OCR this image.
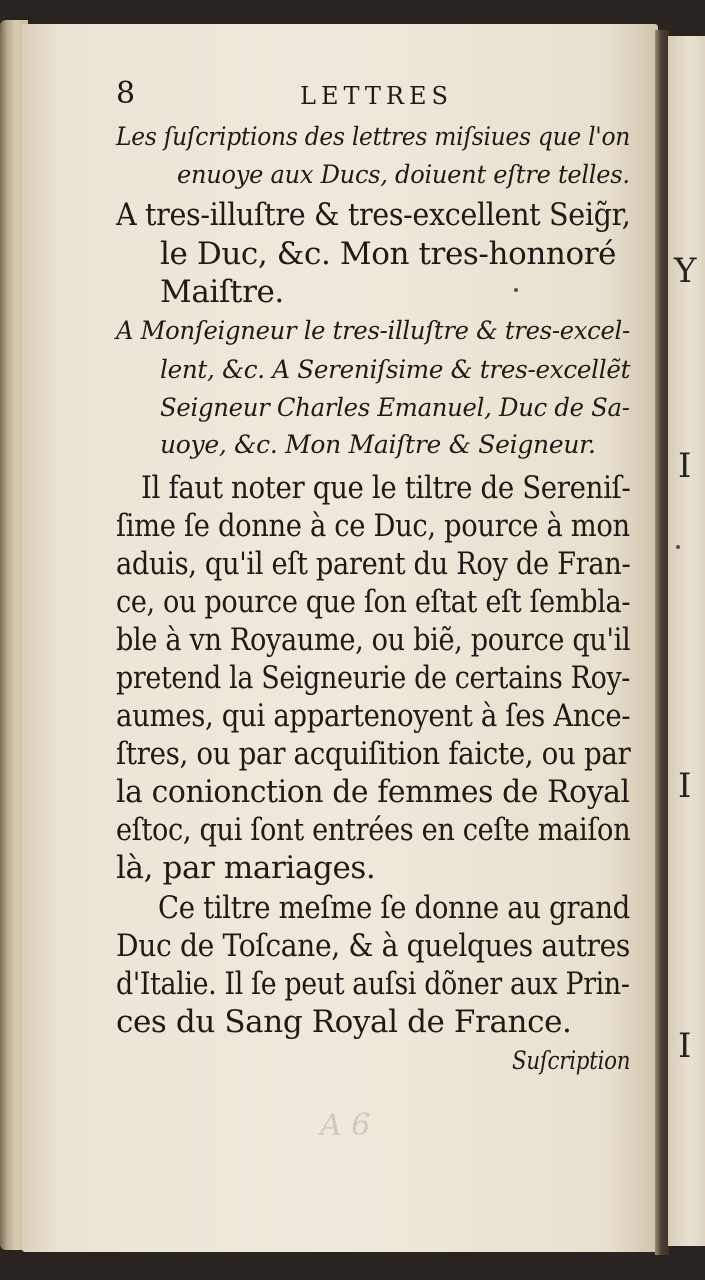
Y
I
I
I
A 6
8	LETTRES
Les ſuſcriptions des lettres miſsiues que l'on
enuoye aux Ducs, doiuent eſtre telles.
A tres-illuſtre & tres-excellent Seig̃r,
le Duc, &c. Mon tres-honnoré
Maiſtre.
A Monſeigneur le tres-illuſtre & tres-excel-
lent, &c. A Sereniſsime & tres-excellẽt
Seigneur Charles Emanuel, Duc de Sa-
uoye, &c. Mon Maiſtre & Seigneur.
Il faut noter que le tiltre de Sereniſ-
ſime ſe donne à ce Duc, pource à mon
aduis, qu'il eſt parent du Roy de Fran-
ce, ou pource que ſon eſtat eſt ſembla-
ble à vn Royaume, ou biẽ, pource qu'il
pretend la Seigneurie de certains Roy-
aumes, qui appartenoyent à ſes Ance-
ſtres, ou par acquiſition faicte, ou par
la conionction de femmes de Royal
eſtoc, qui ſont entrées en ceſte maiſon
là, par mariages.
Ce tiltre meſme ſe donne au grand
Duc de Toſcane, & à quelques autres
d'Italie. Il ſe peut auſsi dõner aux Prin-
ces du Sang Royal de France.
Suſcription
